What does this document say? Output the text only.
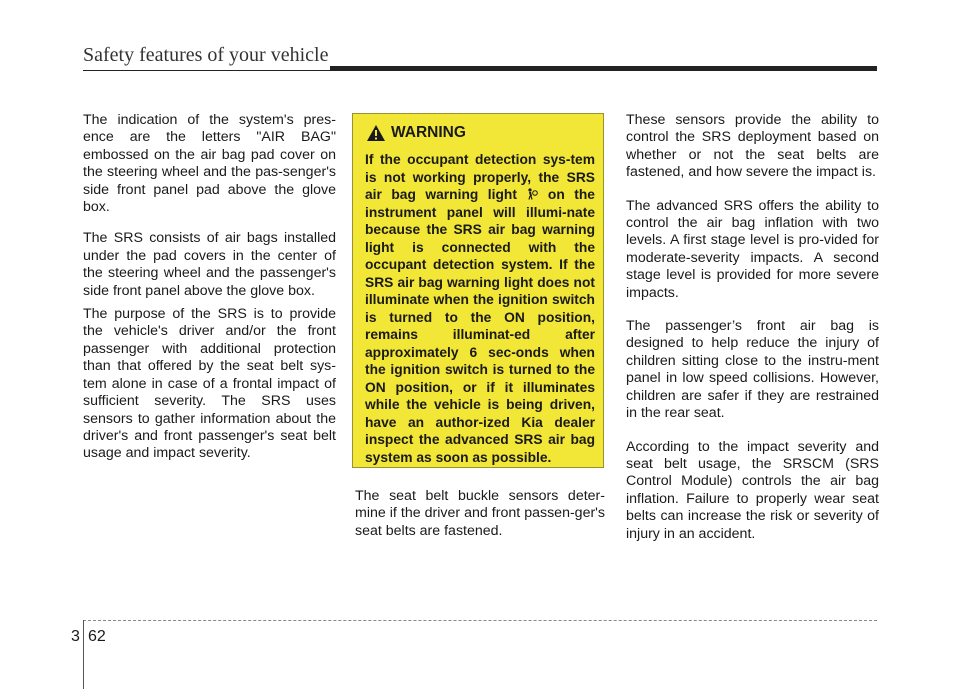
Safety features of your vehicle

The indication of the system's pres-ence are the letters "AIR BAG" embossed on the air bag pad cover on the steering wheel and the pas-senger's side front panel pad above the glove box.

The SRS consists of air bags installed under the pad covers in the center of the steering wheel and the passenger's side front panel above the glove box.

The purpose of the SRS is to provide the vehicle's driver and/or the front passenger with additional protection than that offered by the seat belt sys-tem alone in case of a frontal impact of sufficient severity. The SRS uses sensors to gather information about the driver's and front passenger's seat belt usage and impact severity.

WARNING
If the occupant detection sys-tem is not working properly, the SRS air bag warning light on the instrument panel will illumi-nate because the SRS air bag warning light is connected with the occupant detection system. If the SRS air bag warning light does not illuminate when the ignition switch is turned to the ON position, remains illuminat-ed after approximately 6 sec-onds when the ignition switch is turned to the ON position, or if it illuminates while the vehicle is being driven, have an author-ized Kia dealer inspect the advanced SRS air bag system as soon as possible.

The seat belt buckle sensors deter-mine if the driver and front passen-ger's seat belts are fastened.

These sensors provide the ability to control the SRS deployment based on whether or not the seat belts are fastened, and how severe the impact is.

The advanced SRS offers the ability to control the air bag inflation with two levels. A first stage level is pro-vided for moderate-severity impacts. A second stage level is provided for more severe impacts.

The passenger’s front air bag is designed to help reduce the injury of children sitting close to the instru-ment panel in low speed collisions. However, children are safer if they are restrained in the rear seat.

According to the impact severity and seat belt usage, the SRSCM (SRS Control Module) controls the air bag inflation. Failure to properly wear seat belts can increase the risk or severity of injury in an accident.

3 62
